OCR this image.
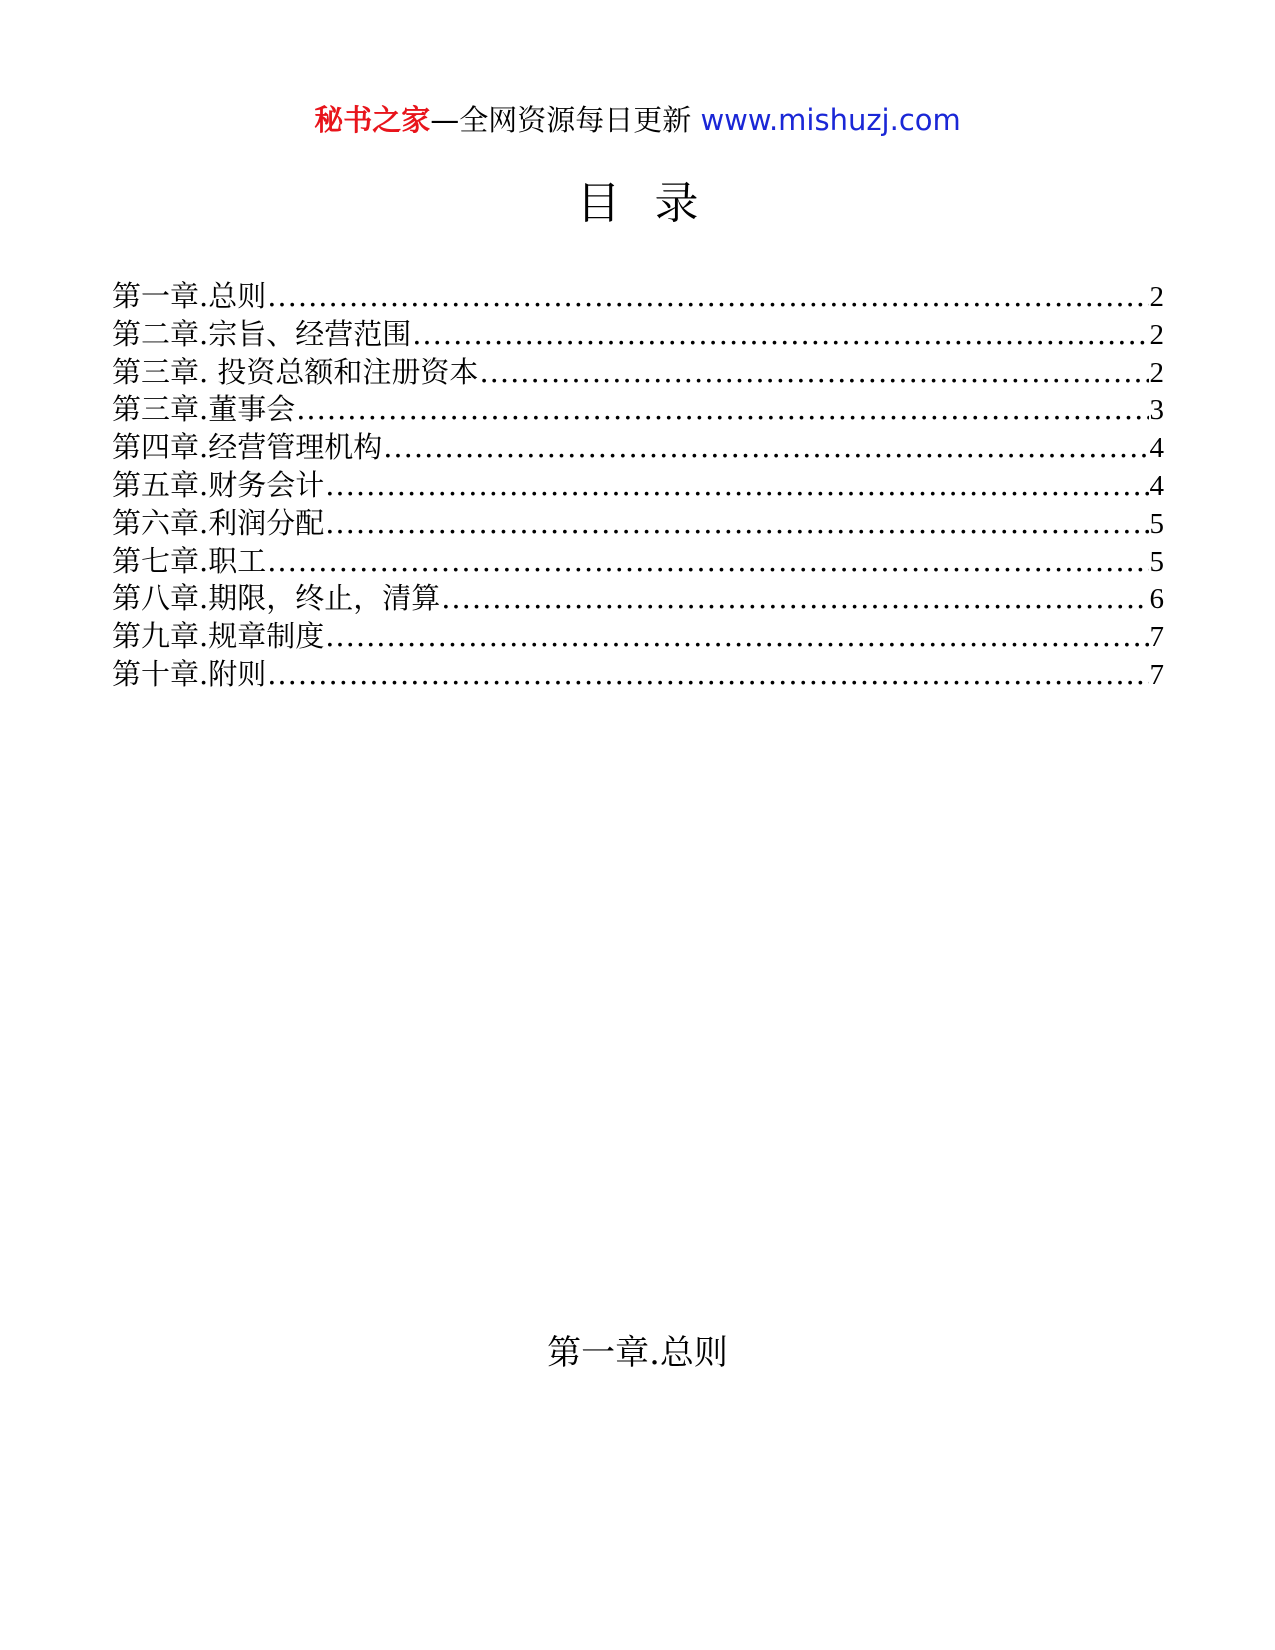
秘书之家—全网资源每日更新 www.mishuzj.com
目录
第一章.总则 .....	2
第二章.宗旨、经营范围 .....	2
第三章. 投资总额和注册资本 .....	2
第三章.董事会 .....	3
第四章.经营管理机构 .....	4
第五章.财务会计 .....	4
第六章.利润分配 .....	5
第七章.职工 .....	5
第八章.期限，终止，清算 .....	6
第九章.规章制度 .....	7
第十章.附则 .....	7
第一章.总则
